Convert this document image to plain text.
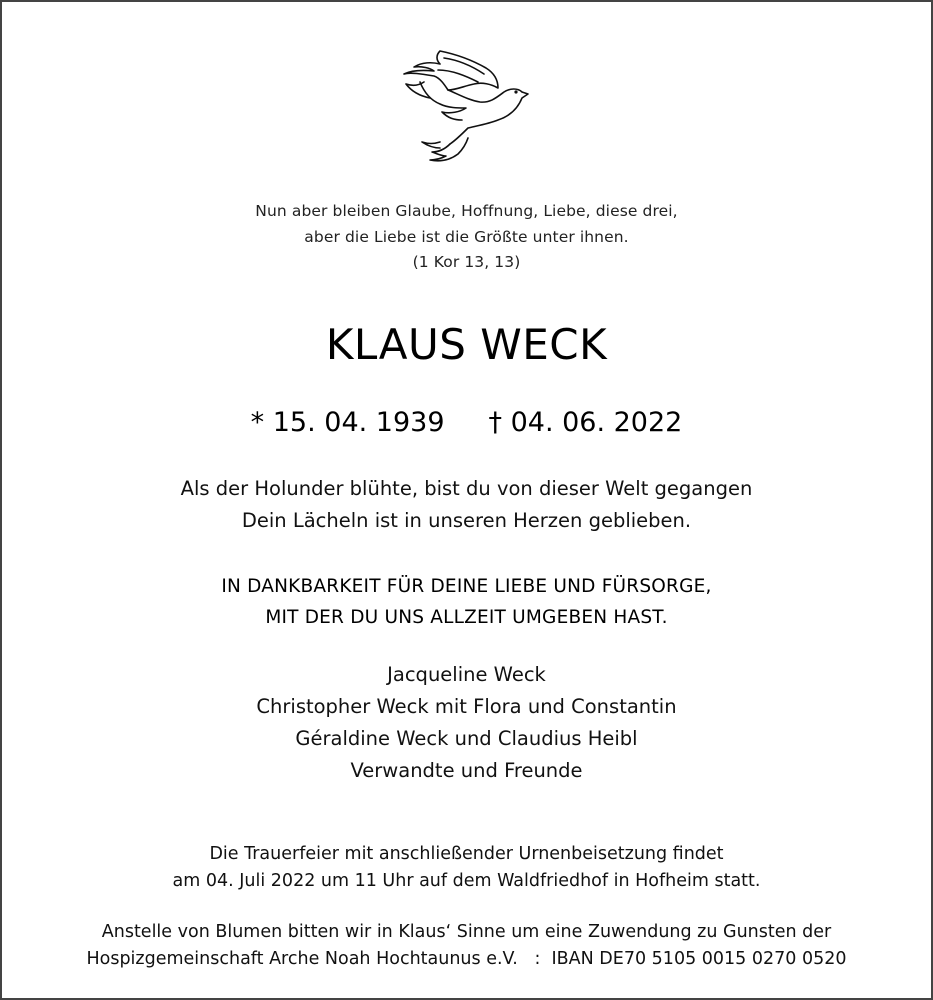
Nun aber bleiben Glaube, Hoffnung, Liebe, diese drei,
aber die Liebe ist die Größte unter ihnen.
(1 Kor 13, 13)
KLAUS WECK
* 15. 04. 1939 † 04. 06. 2022
Als der Holunder blühte, bist du von dieser Welt gegangen
Dein Lächeln ist in unseren Herzen geblieben.
IN DANKBARKEIT FÜR DEINE LIEBE UND FÜRSORGE,
MIT DER DU UNS ALLZEIT UMGEBEN HAST.
Jacqueline Weck
Christopher Weck mit Flora und Constantin
Géraldine Weck und Claudius Heibl
Verwandte und Freunde
Die Trauerfeier mit anschließender Urnenbeisetzung findet
am 04. Juli 2022 um 11 Uhr auf dem Waldfriedhof in Hofheim statt.
Anstelle von Blumen bitten wir in Klaus‘ Sinne um eine Zuwendung zu Gunsten der
Hospizgemeinschaft Arche Noah Hochtaunus e.V.   :  IBAN DE70 5105 0015 0270 0520
